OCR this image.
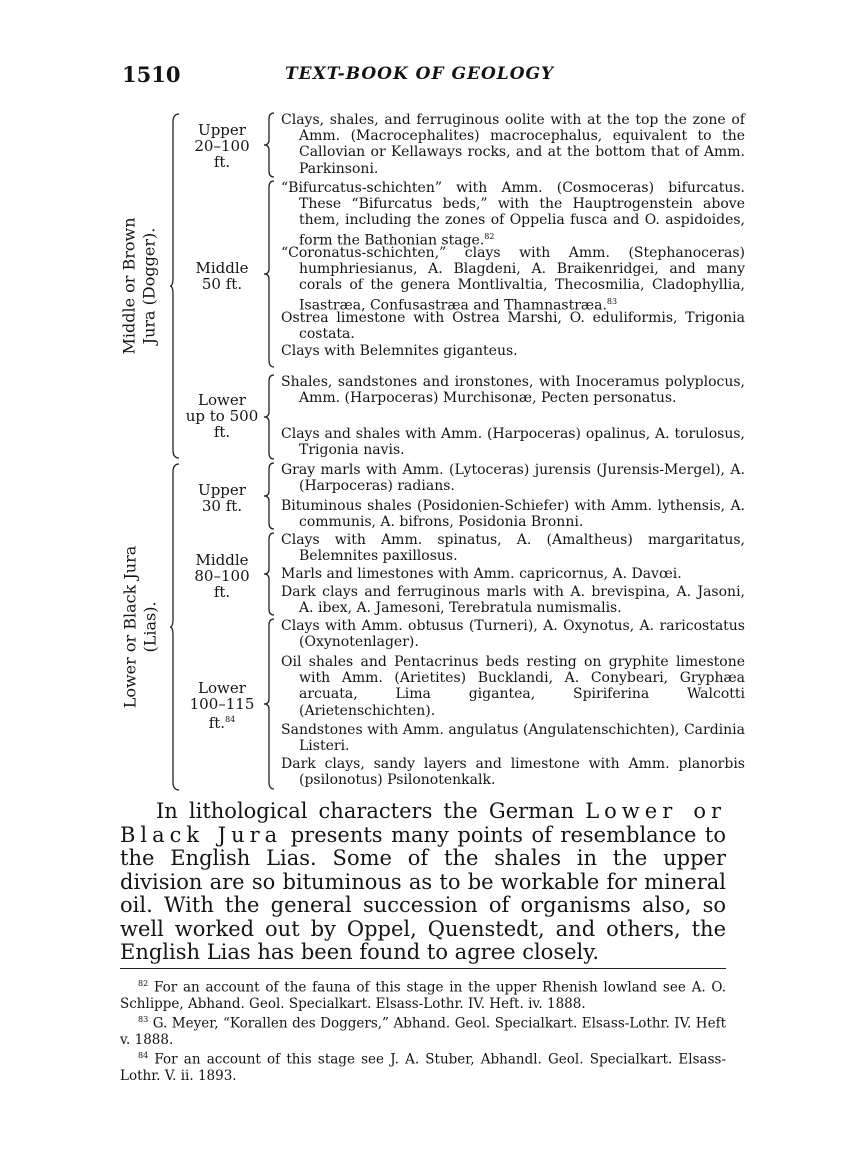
1510	TEXT-BOOK OF GEOLOGY
Middle or Brown Jura (Dogger).
Upper
20–100
ft.
Clays, shales, and ferruginous oolite with at the top the zone of Amm. (Macrocephalites) macrocephalus, equivalent to the Callovian or Kellaways rocks, and at the bottom that of Amm. Parkinsoni.
Middle
50 ft.
“Bifurcatus-schichten” with Amm. (Cosmoceras) bifurcatus. These “Bifurcatus beds,” with the Hauptrogenstein above them, including the zones of Oppelia fusca and O. aspidoides, form the Bathonian stage.$^{82}$
“Coronatus-schichten,” clays with Amm. (Stephanoceras) humphriesianus, A. Blagdeni, A. Braikenridgei, and many corals of the genera Montlivaltia, Thecosmilia, Cladophyllia, Isastræa, Confusastræa and Thamnastræa.$^{83}$
Ostrea limestone with Ostrea Marshi, O. eduliformis, Trigonia costata.
Clays with Belemnites giganteus.
Lower
up to 500
ft.
Shales, sandstones and ironstones, with Inoceramus polyplocus, Amm. (Harpoceras) Murchisonæ, Pecten personatus.
Clays and shales with Amm. (Harpoceras) opalinus, A. torulosus, Trigonia navis.
Lower or Black Jura (Lias).
Upper
30 ft.
Gray marls with Amm. (Lytoceras) jurensis (Jurensis-Mergel), A. (Harpoceras) radians.
Bituminous shales (Posidonien-Schiefer) with Amm. lythensis, A. communis, A. bifrons, Posidonia Bronni.
Middle
80–100
ft.
Clays with Amm. spinatus, A. (Amaltheus) margaritatus, Belemnites paxillosus.
Marls and limestones with Amm. capricornus, A. Davœi.
Dark clays and ferruginous marls with A. brevispina, A. Jasoni, A. ibex, A. Jamesoni, Terebratula numismalis.
Lower
100–115
ft.$^{84}$
Clays with Amm. obtusus (Turneri), A. Oxynotus, A. raricostatus (Oxynotenlager).
Oil shales and Pentacrinus beds resting on gryphite limestone with Amm. (Arietites) Bucklandi, A. Conybeari, Gryphæa arcuata, Lima gigantea, Spiriferina Walcotti (Arietenschichten).
Sandstones with Amm. angulatus (Angulatenschichten), Cardinia Listeri.
Dark clays, sandy layers and limestone with Amm. planorbis (psilonotus) Psilonotenkalk.
In lithological characters the German Lower or Black Jura presents many points of resemblance to the English Lias. Some of the shales in the upper division are so bituminous as to be workable for mineral oil. With the general succession of organisms also, so well worked out by Oppel, Quenstedt, and others, the English Lias has been found to agree closely.
$^{82}$ For an account of the fauna of this stage in the upper Rhenish lowland see A. O. Schlippe, Abhand. Geol. Specialkart. Elsass-Lothr. IV. Heft. iv. 1888.
$^{83}$ G. Meyer, “Korallen des Doggers,” Abhand. Geol. Specialkart. Elsass-Lothr. IV. Heft v. 1888.
$^{84}$ For an account of this stage see J. A. Stuber, Abhandl. Geol. Specialkart. Elsass-Lothr. V. ii. 1893.
